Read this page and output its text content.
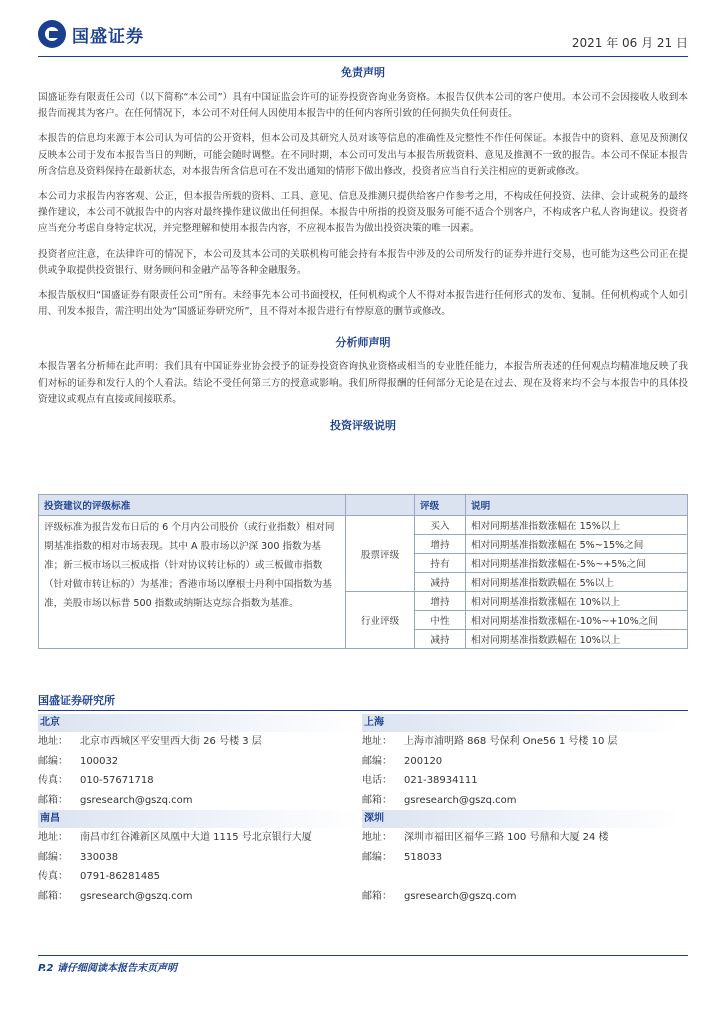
国盛证券	2021 年 06 月 21 日
免责声明

国盛证券有限责任公司（以下简称“本公司”）具有中国证监会许可的证券投资咨询业务资格。本报告仅供本公司的客户使用。本公司不会因接收人收到本报告而视其为客户。在任何情况下，本公司不对任何人因使用本报告中的任何内容所引致的任何损失负任何责任。

本报告的信息均来源于本公司认为可信的公开资料，但本公司及其研究人员对该等信息的准确性及完整性不作任何保证。本报告中的资料、意见及预测仅反映本公司于发布本报告当日的判断，可能会随时调整。在不同时期，本公司可发出与本报告所载资料、意见及推测不一致的报告。本公司不保证本报告所含信息及资料保持在最新状态，对本报告所含信息可在不发出通知的情形下做出修改，投资者应当自行关注相应的更新或修改。

本公司力求报告内容客观、公正，但本报告所载的资料、工具、意见、信息及推测只提供给客户作参考之用，不构成任何投资、法律、会计或税务的最终操作建议，本公司不就报告中的内容对最终操作建议做出任何担保。本报告中所指的投资及服务可能不适合个别客户，不构成客户私人咨询建议。投资者应当充分考虑自身特定状况，并完整理解和使用本报告内容，不应视本报告为做出投资决策的唯一因素。

投资者应注意，在法律许可的情况下，本公司及其本公司的关联机构可能会持有本报告中涉及的公司所发行的证券并进行交易，也可能为这些公司正在提供或争取提供投资银行、财务顾问和金融产品等各种金融服务。

本报告版权归“国盛证券有限责任公司”所有。未经事先本公司书面授权，任何机构或个人不得对本报告进行任何形式的发布、复制。任何机构或个人如引用、刊发本报告，需注明出处为“国盛证券研究所”，且不得对本报告进行有悖原意的删节或修改。

分析师声明

本报告署名分析师在此声明：我们具有中国证券业协会授予的证券投资咨询执业资格或相当的专业胜任能力，本报告所表述的任何观点均精准地反映了我们对标的证券和发行人的个人看法。结论不受任何第三方的授意或影响。我们所得报酬的任何部分无论是在过去、现在及将来均不会与本报告中的具体投资建议或观点有直接或间接联系。

投资评级说明
投资建议的评级标准		评级	说明
评级标准为报告发布日后的 6 个月内公司股价（或行业指数）相对同期基准指数的相对市场表现。其中 A 股市场以沪深 300 指数为基准；新三板市场以三板成指（针对协议转让标的）或三板做市指数（针对做市转让标的）为基准；香港市场以摩根士丹利中国指数为基准，美股市场以标普 500 指数或纳斯达克综合指数为基准。	股票评级	买入	相对同期基准指数涨幅在 15%以上
		增持	相对同期基准指数涨幅在 5%~15%之间
		持有	相对同期基准指数涨幅在-5%~+5%之间
		减持	相对同期基准指数跌幅在 5%以上
	行业评级	增持	相对同期基准指数涨幅在 10%以上
		中性	相对同期基准指数涨幅在-10%~+10%之间
		减持	相对同期基准指数跌幅在 10%以上
国盛证券研究所
北京
地址： 北京市西城区平安里西大街 26 号楼 3 层
邮编： 100032
传真： 010-57671718
邮箱： gsresearch@gszq.com
上海
地址： 上海市浦明路 868 号保利 One56 1 号楼 10 层
邮编： 200120
电话： 021-38934111
邮箱： gsresearch@gszq.com
南昌
地址： 南昌市红谷滩新区凤凰中大道 1115 号北京银行大厦
邮编： 330038
传真： 0791-86281485
邮箱： gsresearch@gszq.com
深圳
地址： 深圳市福田区福华三路 100 号鼎和大厦 24 楼
邮编： 518033
邮箱： gsresearch@gszq.com
P.2 请仔细阅读本报告末页声明
